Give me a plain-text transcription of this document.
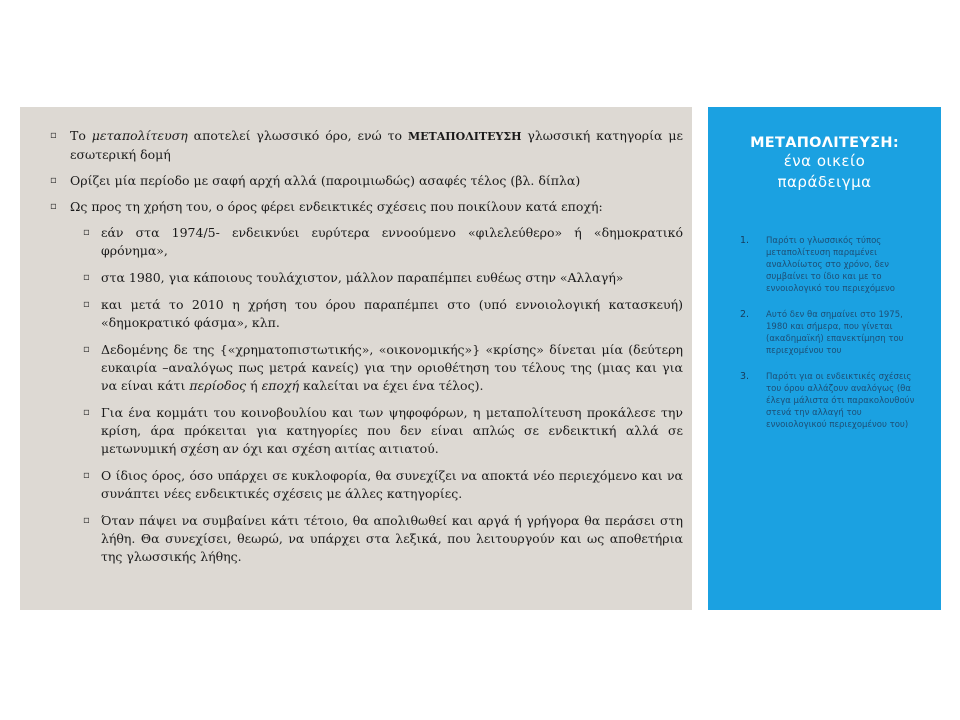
▫ Το μεταπολίτευση αποτελεί γλωσσικό όρο, ενώ το ΜΕΤΑΠΟΛΙΤΕΥΣΗ γλωσσική κατηγορία με εσωτερική δομή
▫ Ορίζει μία περίοδο με σαφή αρχή αλλά (παροιμιωδώς) ασαφές τέλος (βλ. δίπλα)
▫ Ως προς τη χρήση του, ο όρος φέρει ενδεικτικές σχέσεις που ποικίλουν κατά εποχή:
▫ εάν στα 1974/5- ενδεικνύει ευρύτερα εννοούμενο «φιλελεύθερο» ή «δημοκρατικό φρόνημα»,
▫ στα 1980, για κάποιους τουλάχιστον, μάλλον παραπέμπει ευθέως στην «Αλλαγή»
▫ και μετά το 2010 η χρήση του όρου παραπέμπει στο (υπό εννοιολογική κατασκευή) «δημοκρατικό φάσμα», κλπ.
▫ Δεδομένης δε της {«χρηματοπιστωτικής», «οικονομικής»} «κρίσης» δίνεται μία (δεύτερη ευκαιρία –αναλόγως πως μετρά κανείς) για την οριοθέτηση του τέλους της (μιας και για να είναι κάτι περίοδος ή εποχή καλείται να έχει ένα τέλος).
▫ Για ένα κομμάτι του κοινοβουλίου και των ψηφοφόρων, η μεταπολίτευση προκάλεσε την κρίση, άρα πρόκειται για κατηγορίες που δεν είναι απλώς σε ενδεικτική αλλά σε μετωνυμική σχέση αν όχι και σχέση αιτίας αιτιατού.
▫ Ο ίδιος όρος, όσο υπάρχει σε κυκλοφορία, θα συνεχίζει να αποκτά νέο περιεχόμενο και να συνάπτει νέες ενδεικτικές σχέσεις με άλλες κατηγορίες.
▫ Όταν πάψει να συμβαίνει κάτι τέτοιο, θα απολιθωθεί και αργά ή γρήγορα θα περάσει στη λήθη. Θα συνεχίσει, θεωρώ, να υπάρχει στα λεξικά, που λειτουργούν και ως αποθετήρια της γλωσσικής λήθης.
ΜΕΤΑΠΟΛΙΤΕΥΣΗ:
ένα οικείο
παράδειγμα
1. Παρότι ο γλωσσικός τύπος μεταπολίτευση παραμένει αναλλοίωτος στο χρόνο, δεν συμβαίνει το ίδιο και με το εννοιολογικό του περιεχόμενο
2. Αυτό δεν θα σημαίνει στο 1975, 1980 και σήμερα, που γίνεται (ακαδημαϊκή) επανεκτίμηση του περιεχομένου του
3. Παρότι για οι ενδεικτικές σχέσεις του όρου αλλάζουν αναλόγως (θα έλεγα μάλιστα ότι παρακολουθούν στενά την αλλαγή του εννοιολογικού περιεχομένου του)
